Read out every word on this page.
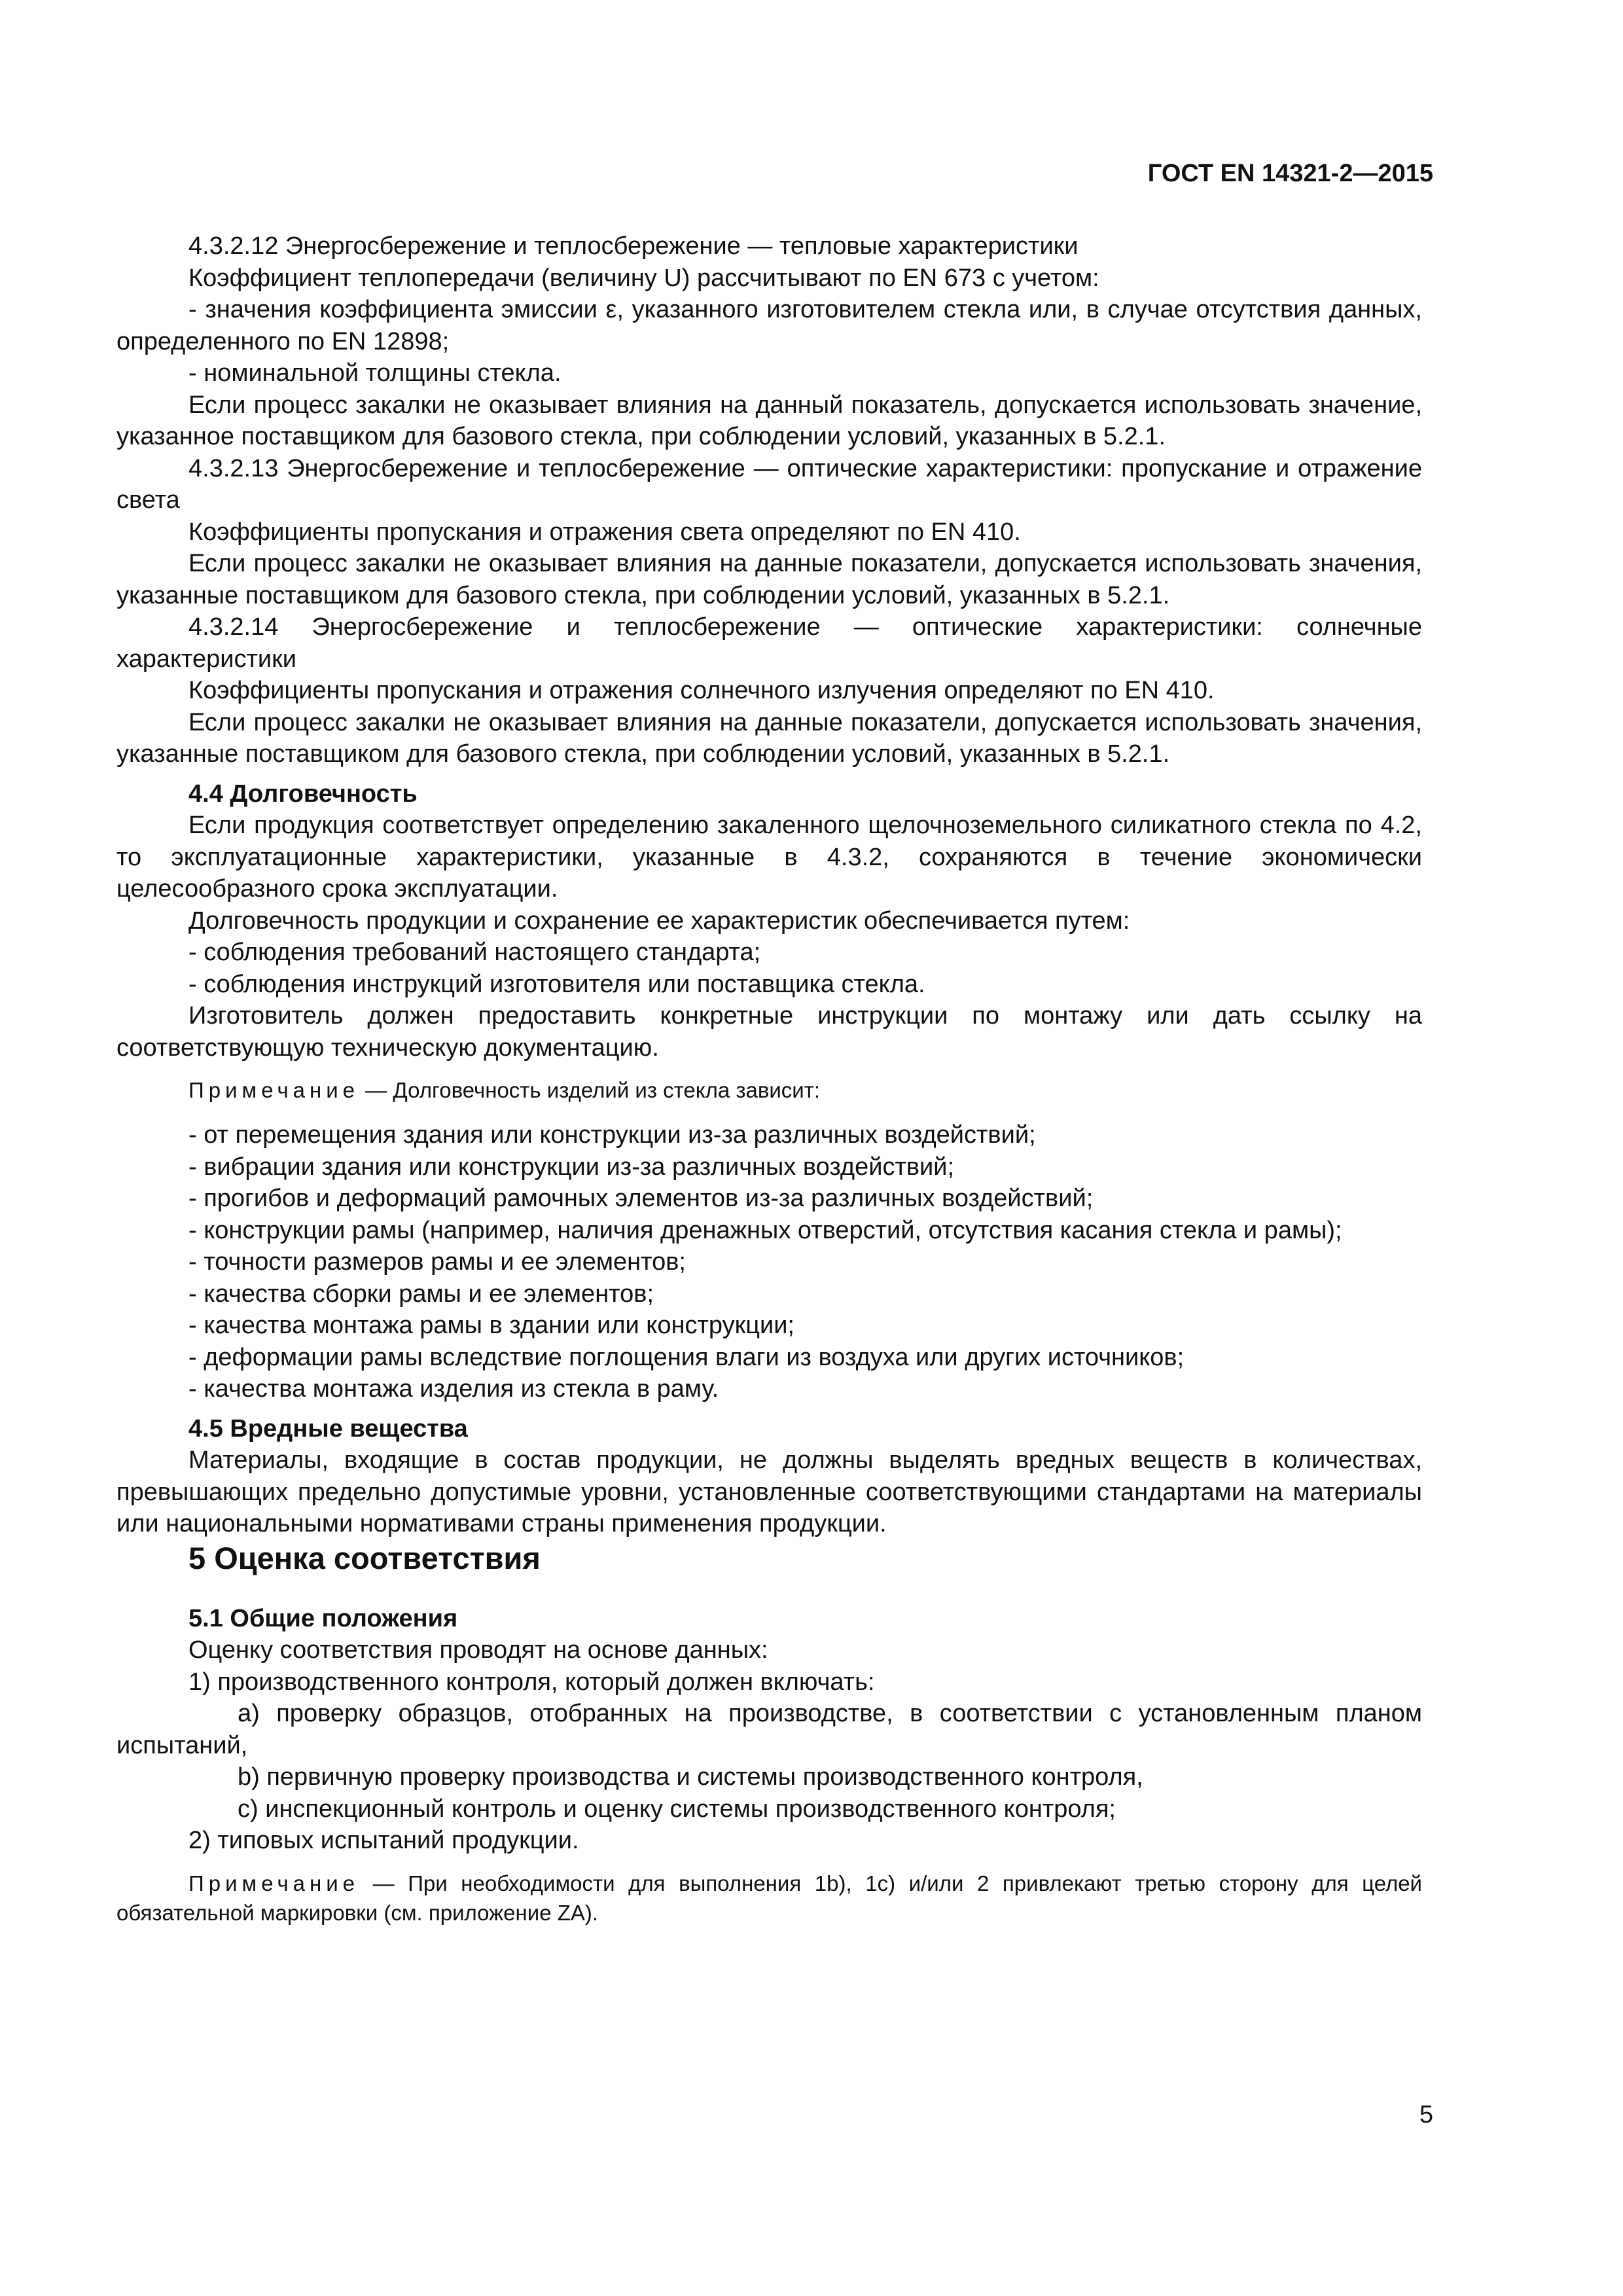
ГОСТ EN 14321-2—2015

4.3.2.12 Энергосбережение и теплосбережение — тепловые характеристики

Коэффициент теплопередачи (величину U) рассчитывают по EN 673 с учетом:

- значения коэффициента эмиссии ε, указанного изготовителем стекла или, в случае отсутствия данных, определенного по EN 12898;

- номинальной толщины стекла.

Если процесс закалки не оказывает влияния на данный показатель, допускается использовать значение, указанное поставщиком для базового стекла, при соблюдении условий, указанных в 5.2.1.

4.3.2.13 Энергосбережение и теплосбережение — оптические характеристики: пропускание и отражение света

Коэффициенты пропускания и отражения света определяют по EN 410.

Если процесс закалки не оказывает влияния на данные показатели, допускается использовать значения, указанные поставщиком для базового стекла, при соблюдении условий, указанных в 5.2.1.

4.3.2.14 Энергосбережение и теплосбережение — оптические характеристики: солнечные характеристики

Коэффициенты пропускания и отражения солнечного излучения определяют по EN 410.

Если процесс закалки не оказывает влияния на данные показатели, допускается использовать значения, указанные поставщиком для базового стекла, при соблюдении условий, указанных в 5.2.1.

4.4 Долговечность

Если продукция соответствует определению закаленного щелочноземельного силикатного стекла по 4.2, то эксплуатационные характеристики, указанные в 4.3.2, сохраняются в течение экономически целесообразного срока эксплуатации.

Долговечность продукции и сохранение ее характеристик обеспечивается путем:

- соблюдения требований настоящего стандарта;

- соблюдения инструкций изготовителя или поставщика стекла.

Изготовитель должен предоставить конкретные инструкции по монтажу или дать ссылку на соответствующую техническую документацию.

Примечание — Долговечность изделий из стекла зависит:

- от перемещения здания или конструкции из-за различных воздействий;

- вибрации здания или конструкции из-за различных воздействий;

- прогибов и деформаций рамочных элементов из-за различных воздействий;

- конструкции рамы (например, наличия дренажных отверстий, отсутствия касания стекла и рамы);

- точности размеров рамы и ее элементов;

- качества сборки рамы и ее элементов;

- качества монтажа рамы в здании или конструкции;

- деформации рамы вследствие поглощения влаги из воздуха или других источников;

- качества монтажа изделия из стекла в раму.

4.5 Вредные вещества

Материалы, входящие в состав продукции, не должны выделять вредных веществ в количествах, превышающих предельно допустимые уровни, установленные соответствующими стандартами на материалы или национальными нормативами страны применения продукции.

5 Оценка соответствия

5.1 Общие положения

Оценку соответствия проводят на основе данных:

1) производственного контроля, который должен включать:

a) проверку образцов, отобранных на производстве, в соответствии с установленным планом испытаний,

b) первичную проверку производства и системы производственного контроля,

c) инспекционный контроль и оценку системы производственного контроля;

2) типовых испытаний продукции.

Примечание — При необходимости для выполнения 1b), 1c) и/или 2 привлекают третью сторону для целей обязательной маркировки (см. приложение ZA).

5
